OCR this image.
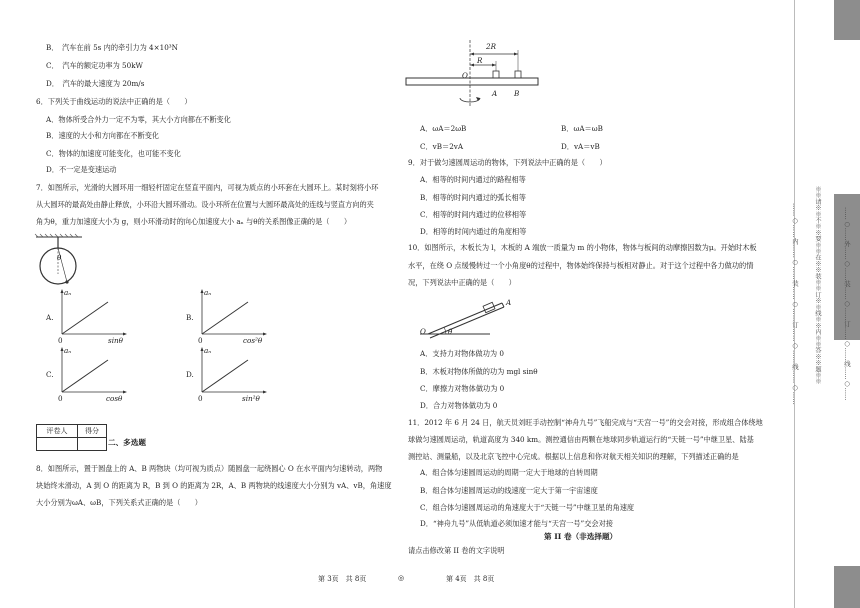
B．　汽车在前 5s 内的牵引力为 4×10³N
C．　汽车的额定功率为 50kW
D．　汽车的最大速度为 20m/s
6．下列关于曲线运动的说法中正确的是（　　）
A．物体所受合外力一定不为零，其大小方向都在不断变化
B．速度的大小和方向都在不断变化
C．物体的加速度可能变化，也可能不变化
D．不一定是变速运动
7．如图所示，光滑的大圆环用一细轻杆固定在竖直平面内，可视为质点的小环套在大圆环上。某时刻将小环
从大圆环的最高处由静止释放，小环沿大圆环滑动。设小环所在位置与大圆环最高处的连线与竖直方向的夹
角为θ，重力加速度大小为 g，则小环滑动时的向心加速度大小 aₙ 与θ的关系图像正确的是（　　）
θ
A.
aₙ
0	sinθ
B.
aₙ
0	cos²θ
C.
aₙ
0	cosθ
D.
aₙ
0	sin²θ
评卷人	得分

二、多选题
8．如图所示，置于圆盘上的 A、B 两物块（均可视为质点）随圆盘一起绕圆心 O 在水平面内匀速转动，两物
块始终未滑动，A 到 O 的距离为 R，B 到 O 的距离为 2R，A、B 两物块的线速度大小分别为 vA、vB，角速度
大小分别为ωA、ωB，下列关系式正确的是（　　）
2R
R
O
A B
A．ωA＝2ωB	B．ωA＝ωB
C．vB＝2vA	D．vA＝vB
9．对于做匀速圆周运动的物体，下列说法中正确的是（　　）
A．相等的时间内通过的路程相等
B．相等的时间内通过的弧长相等
C．相等的时间内通过的位移相等
D．相等的时间内通过的角度相等
10．如图所示，木板长为 l，木板的 A 端放一质量为 m 的小物体，物体与板间的动摩擦因数为μ。开始时木板
水平，在绕 O 点缓慢转过一个小角度θ的过程中，物体始终保持与板相对静止。对于这个过程中各力做功的情
况，下列说法中正确的是（　　）
A
O	θ
A．支持力对物体做功为 0
B．木板对物体所做的功为 mgl sinθ
C．摩擦力对物体做功为 0
D．合力对物体做功为 0
11．2012 年 6 月 24 日，航天员刘旺手动控制“神舟九号”飞船完成与“天宫一号”的交会对接，形成组合体绕地
球做匀速圆周运动，轨道高度为 340 km。测控通信由两颗在地球同步轨道运行的“天链一号”中继卫星、陆基
测控站、测量船，以及北京飞控中心完成。根据以上信息和你对航天相关知识的理解，下列描述正确的是
A．组合体匀速圆周运动的周期一定大于地球的自转周期
B．组合体匀速圆周运动的线速度一定大于第一宇宙速度
C．组合体匀速圆周运动的角速度大于“天链一号”中继卫星的角速度
D．“神舟九号”从低轨道必须加速才能与“天宫一号”交会对接
第 II 卷（非选择题）
请点击修改第 II 卷的文字说明
第 3页　共 8页	◎	第 4页　共 8页
……○……内……○……装……○……订……○……线……○……	※※请※※不※※要※※在※※装※※订※※线※※内※※答※※题※※	……○……外……○……装……○……订……○……线……○……
